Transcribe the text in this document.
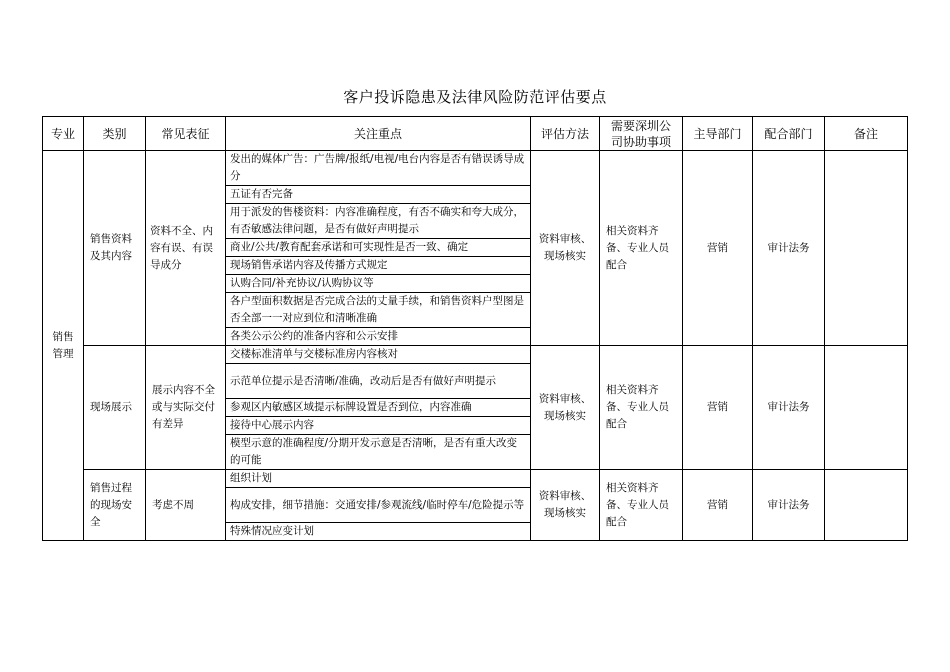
客户投诉隐患及法律风险防范评估要点
专业	类别	常见表征	关注重点	评估方法	需要深圳公司协助事项	主导部门	配合部门	备注
销售管理	销售资料及其内容	资料不全、内容有误、有误导成分	发出的媒体广告：广告牌/报纸/电视/电台内容是否有错误诱导成分	资料审核、现场核实	相关资料齐备、专业人员配合	营销	审计法务	
			五证有否完备					
			用于派发的售楼资料：内容准确程度，有否不确实和夸大成分，有否敏感法律问题，是否有做好声明提示					
			商业/公共/教育配套承诺和可实现性是否一致、确定					
			现场销售承诺内容及传播方式规定					
			认购合同/补充协议/认购协议等					
			各户型面积数据是否完成合法的丈量手续，和销售资料户型图是否全部一一对应到位和清晰准确					
			各类公示公约的准备内容和公示安排					
	现场展示	展示内容不全或与实际交付有差异	交楼标准清单与交楼标准房内容核对	资料审核、现场核实	相关资料齐备、专业人员配合	营销	审计法务	
			示范单位提示是否清晰/准确，改动后是否有做好声明提示					
			参观区内敏感区域提示标牌设置是否到位，内容准确					
			接待中心展示内容					
			模型示意的准确程度/分期开发示意是否清晰，是否有重大改变的可能					
	销售过程的现场安全	考虑不周	组织计划	资料审核、现场核实	相关资料齐备、专业人员配合	营销	审计法务	
			构成安排，细节措施：交通安排/参观流线/临时停车/危险提示等					
			特殊情况应变计划					
